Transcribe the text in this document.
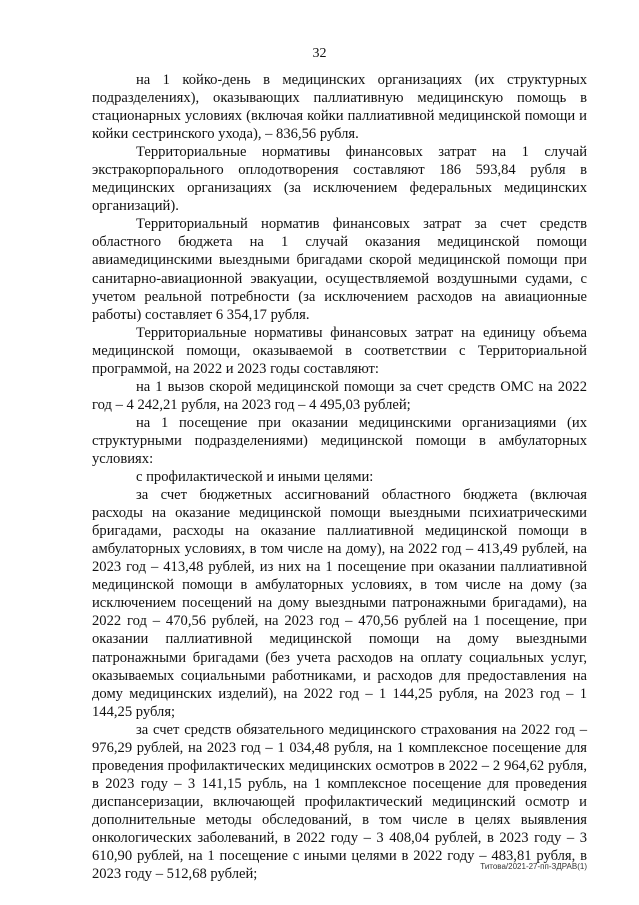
32

на 1 койко-день в медицинских организациях (их структурных подразделениях), оказывающих паллиативную медицинскую помощь в стационарных условиях (включая койки паллиативной медицинской помощи и койки сестринского ухода), – 836,56 рубля.

Территориальные нормативы финансовых затрат на 1 случай экстракорпорального оплодотворения составляют 186 593,84 рубля в медицинских организациях (за исключением федеральных медицинских организаций).

Территориальный норматив финансовых затрат за счет средств областного бюджета на 1 случай оказания медицинской помощи авиамедицинскими выездными бригадами скорой медицинской помощи при санитарно-авиационной эвакуации, осуществляемой воздушными судами, с учетом реальной потребности (за исключением расходов на авиационные работы) составляет 6 354,17 рубля.

Территориальные нормативы финансовых затрат на единицу объема медицинской помощи, оказываемой в соответствии с Территориальной программой, на 2022 и 2023 годы составляют:

на 1 вызов скорой медицинской помощи за счет средств ОМС на 2022 год – 4 242,21 рубля, на 2023 год – 4 495,03 рублей;

на 1 посещение при оказании медицинскими организациями (их структурными подразделениями) медицинской помощи в амбулаторных условиях:

с профилактической и иными целями:

за счет бюджетных ассигнований областного бюджета (включая расходы на оказание медицинской помощи выездными психиатрическими бригадами, расходы на оказание паллиативной медицинской помощи в амбулаторных условиях, в том числе на дому), на 2022 год – 413,49 рублей, на 2023 год – 413,48 рублей, из них на 1 посещение при оказании паллиативной медицинской помощи в амбулаторных условиях, в том числе на дому (за исключением посещений на дому выездными патронажными бригадами), на 2022 год – 470,56 рублей, на 2023 год – 470,56 рублей на 1 посещение, при оказании паллиативной медицинской помощи на дому выездными патронажными бригадами (без учета расходов на оплату социальных услуг, оказываемых социальными работниками, и расходов для предоставления на дому медицинских изделий), на 2022 год – 1 144,25 рубля, на 2023 год – 1 144,25 рубля;

за счет средств обязательного медицинского страхования на 2022 год – 976,29 рублей, на 2023 год – 1 034,48 рубля, на 1 комплексное посещение для проведения профилактических медицинских осмотров в 2022 – 2 964,62 рубля, в 2023 году – 3 141,15 рубль, на 1 комплексное посещение для проведения диспансеризации, включающей профилактический медицинский осмотр и дополнительные методы обследований, в том числе в целях выявления онкологических заболеваний, в 2022 году – 3 408,04 рублей, в 2023 году – 3 610,90 рублей, на 1 посещение с иными целями в 2022 году – 483,81 рубля, в 2023 году – 512,68 рублей;	Титова/2021-27-пп-ЗДРАВ(1)
